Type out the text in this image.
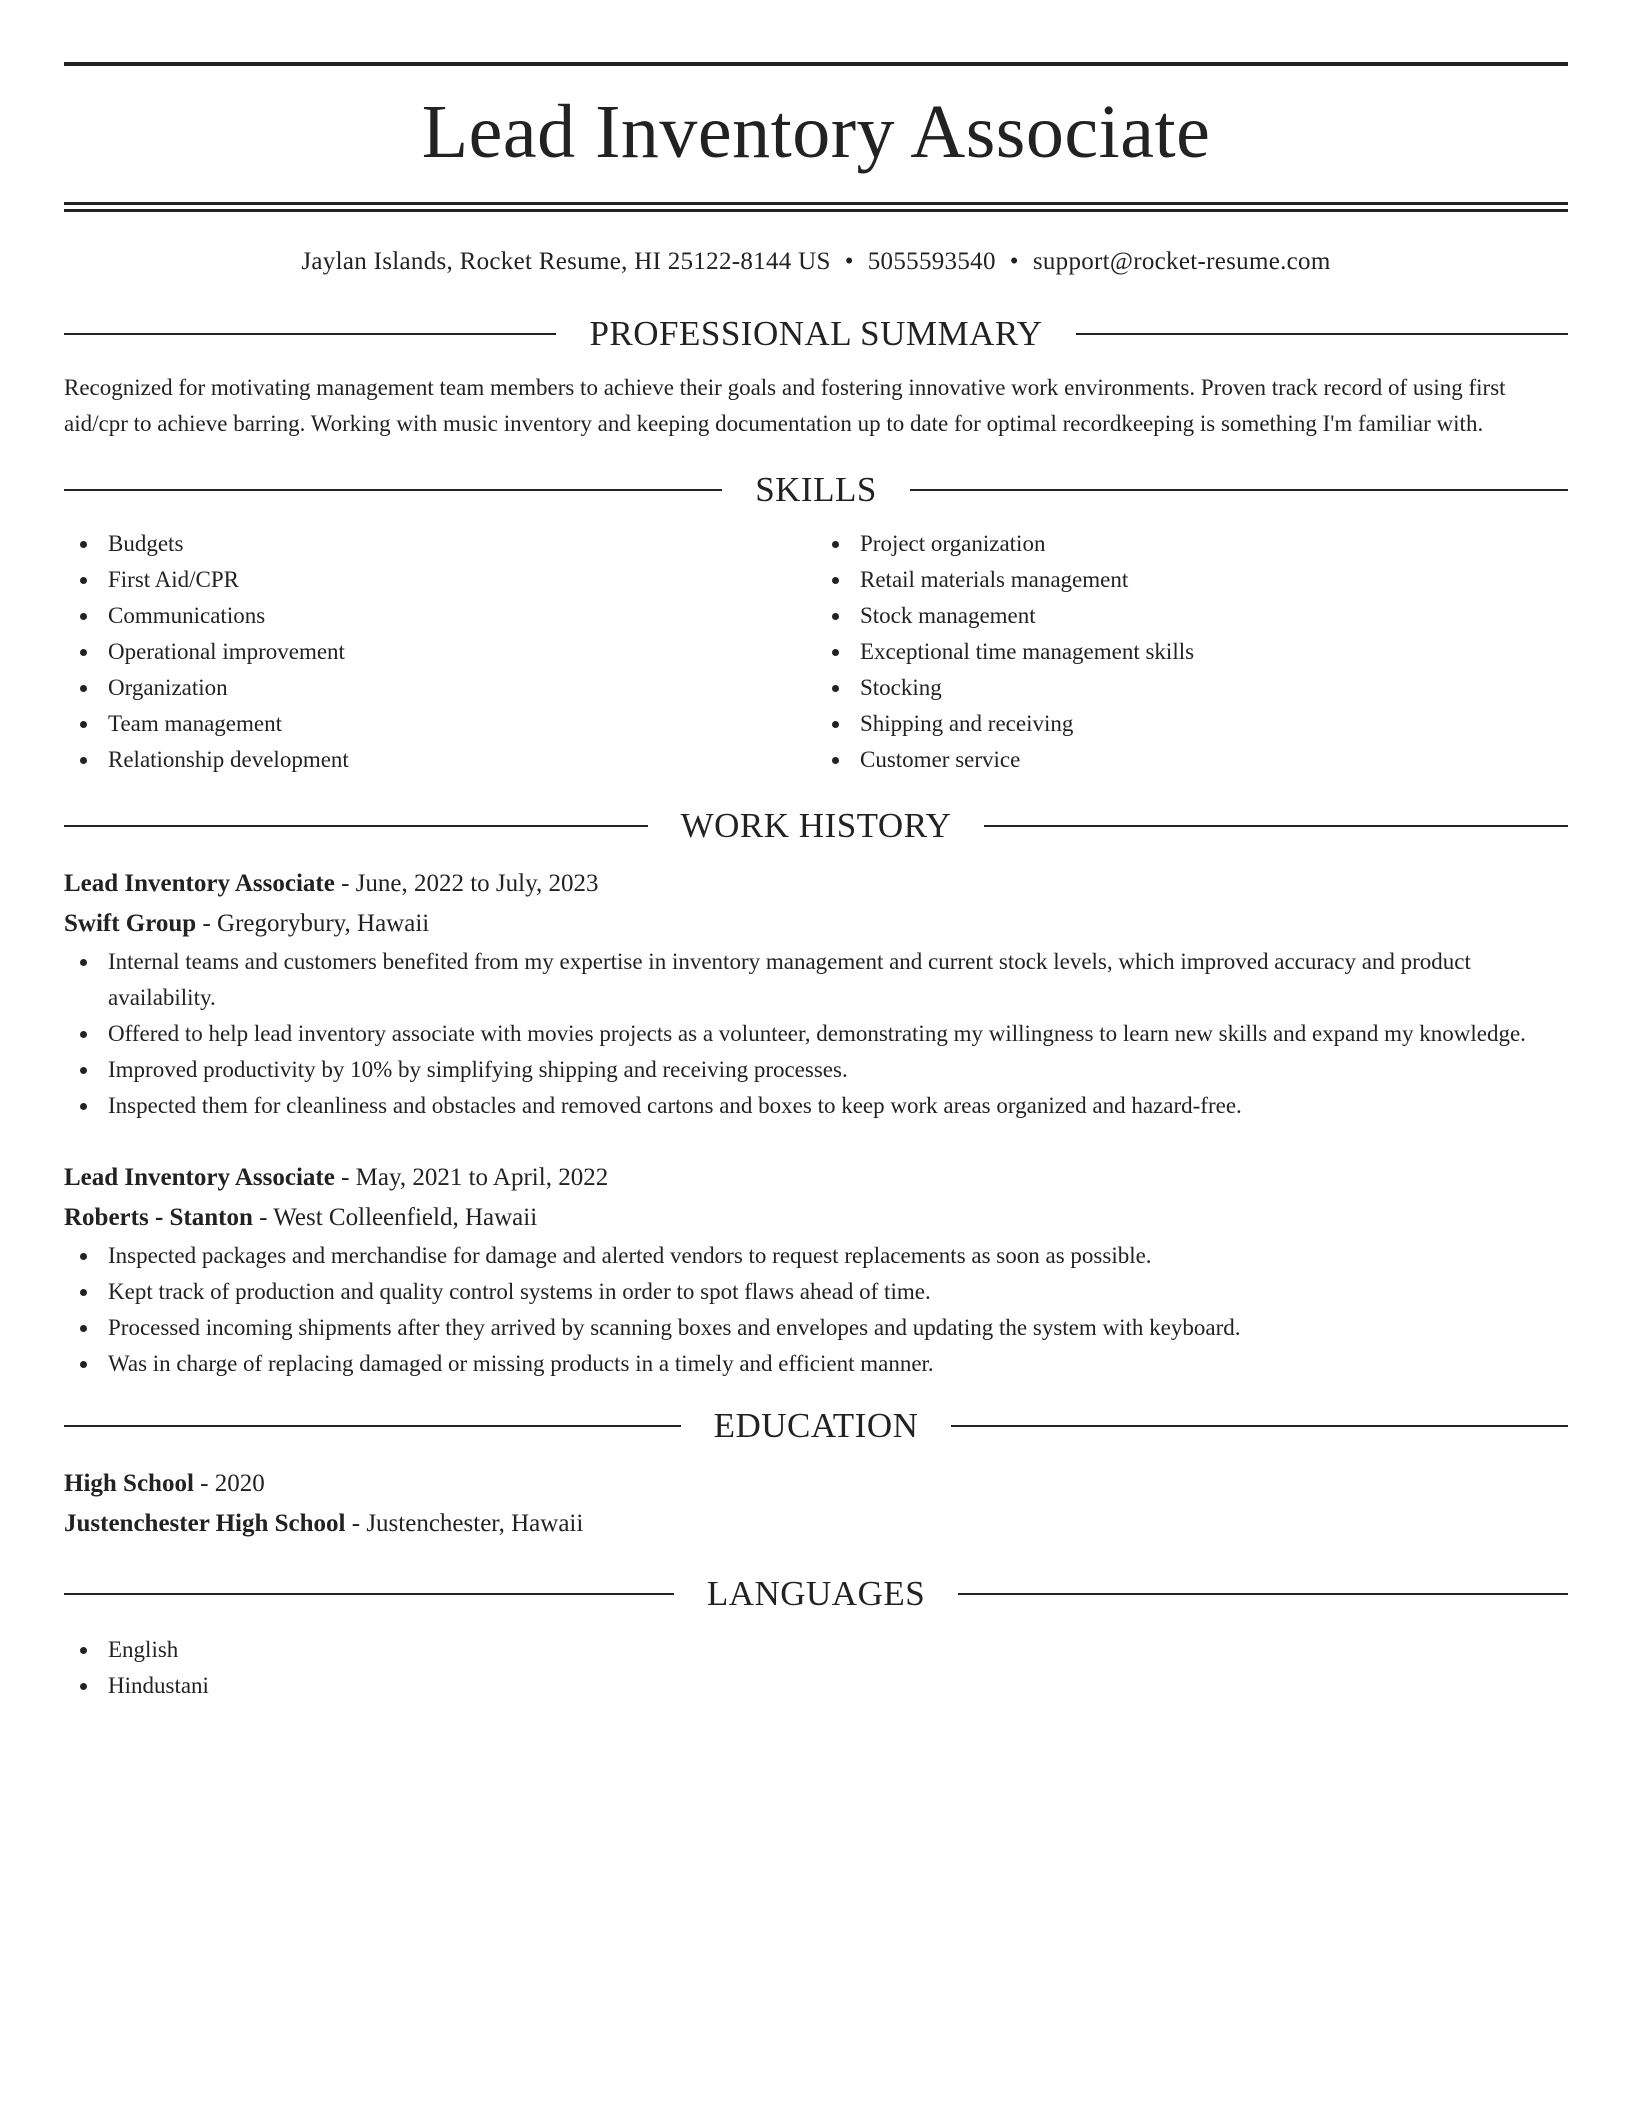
Lead Inventory Associate
Jaylan Islands, Rocket Resume, HI 25122-8144 US • 5055593540 • support@rocket-resume.com
PROFESSIONAL SUMMARY

Recognized for motivating management team members to achieve their goals and fostering innovative work environments. Proven track record of using first aid/cpr to achieve barring. Working with music inventory and keeping documentation up to date for optimal recordkeeping is something I'm familiar with.

SKILLS
Budgets
First Aid/CPR
Communications
Operational improvement
Organization
Team management
Relationship development
Project organization
Retail materials management
Stock management
Exceptional time management skills
Stocking
Shipping and receiving
Customer service
WORK HISTORY
Lead Inventory Associate - June, 2022 to July, 2023
Swift Group - Gregorybury, Hawaii
Internal teams and customers benefited from my expertise in inventory management and current stock levels, which improved accuracy and product availability.
Offered to help lead inventory associate with movies projects as a volunteer, demonstrating my willingness to learn new skills and expand my knowledge.
Improved productivity by 10% by simplifying shipping and receiving processes.
Inspected them for cleanliness and obstacles and removed cartons and boxes to keep work areas organized and hazard-free.
Lead Inventory Associate - May, 2021 to April, 2022
Roberts - Stanton - West Colleenfield, Hawaii
Inspected packages and merchandise for damage and alerted vendors to request replacements as soon as possible.
Kept track of production and quality control systems in order to spot flaws ahead of time.
Processed incoming shipments after they arrived by scanning boxes and envelopes and updating the system with keyboard.
Was in charge of replacing damaged or missing products in a timely and efficient manner.
EDUCATION
High School - 2020
Justenchester High School - Justenchester, Hawaii
LANGUAGES
English
Hindustani
